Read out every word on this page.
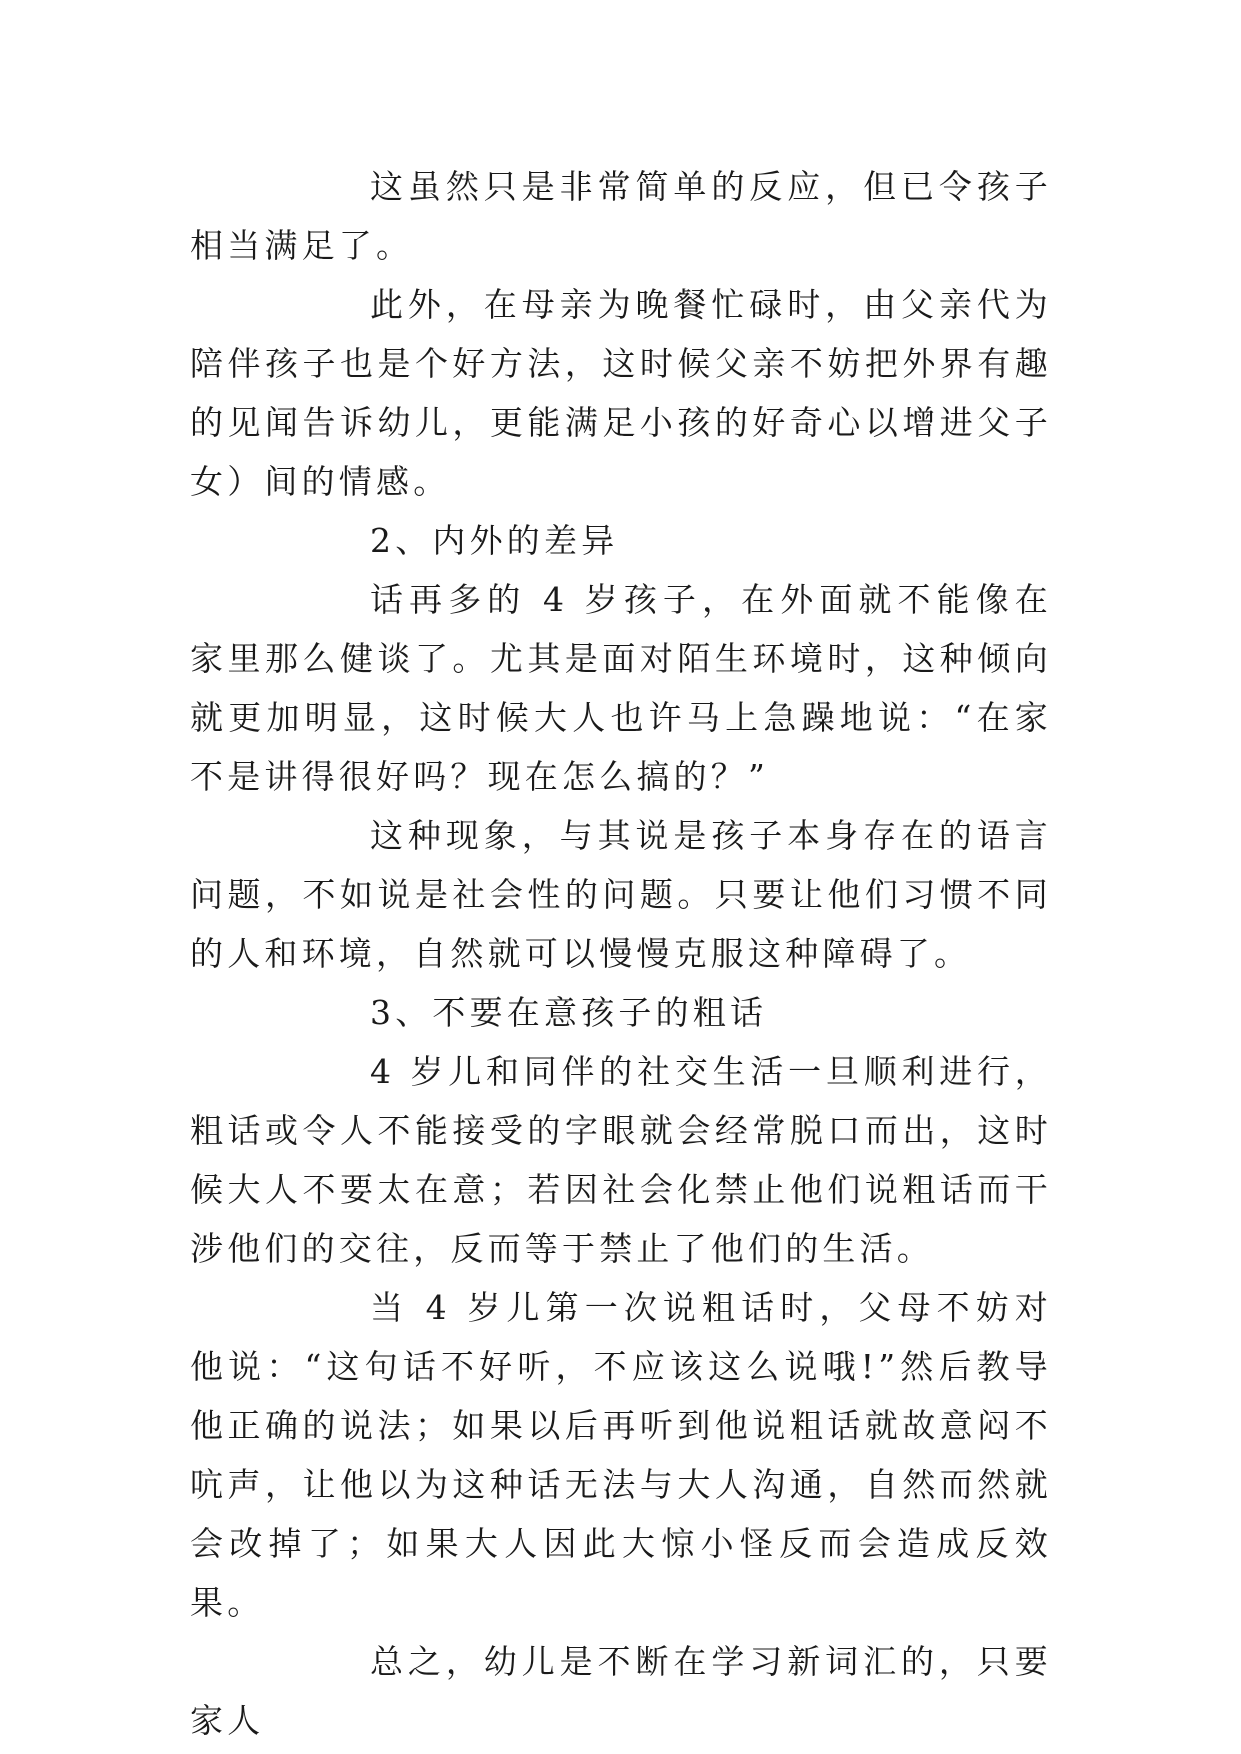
这虽然只是非常简单的反应，但已令孩子相当满足了。

此外，在母亲为晚餐忙碌时，由父亲代为陪伴孩子也是个好方法，这时候父亲不妨把外界有趣的见闻告诉幼儿，更能满足小孩的好奇心以增进父子女）间的情感。

2、内外的差异

话再多的 4 岁孩子，在外面就不能像在家里那么健谈了。尤其是面对陌生环境时，这种倾向就更加明显，这时候大人也许马上急躁地说：“在家不是讲得很好吗？现在怎么搞的？”

这种现象，与其说是孩子本身存在的语言问题，不如说是社会性的问题。只要让他们习惯不同的人和环境，自然就可以慢慢克服这种障碍了。

3、不要在意孩子的粗话

4 岁儿和同伴的社交生活一旦顺利进行，粗话或令人不能接受的字眼就会经常脱口而出，这时候大人不要太在意；若因社会化禁止他们说粗话而干涉他们的交往，反而等于禁止了他们的生活。

当 4 岁儿第一次说粗话时，父母不妨对他说：“这句话不好听，不应该这么说哦!”然后教导他正确的说法；如果以后再听到他说粗话就故意闷不吭声，让他以为这种话无法与大人沟通，自然而然就会改掉了；如果大人因此大惊小怪反而会造成反效果。

总之，幼儿是不断在学习新词汇的，只要家人
